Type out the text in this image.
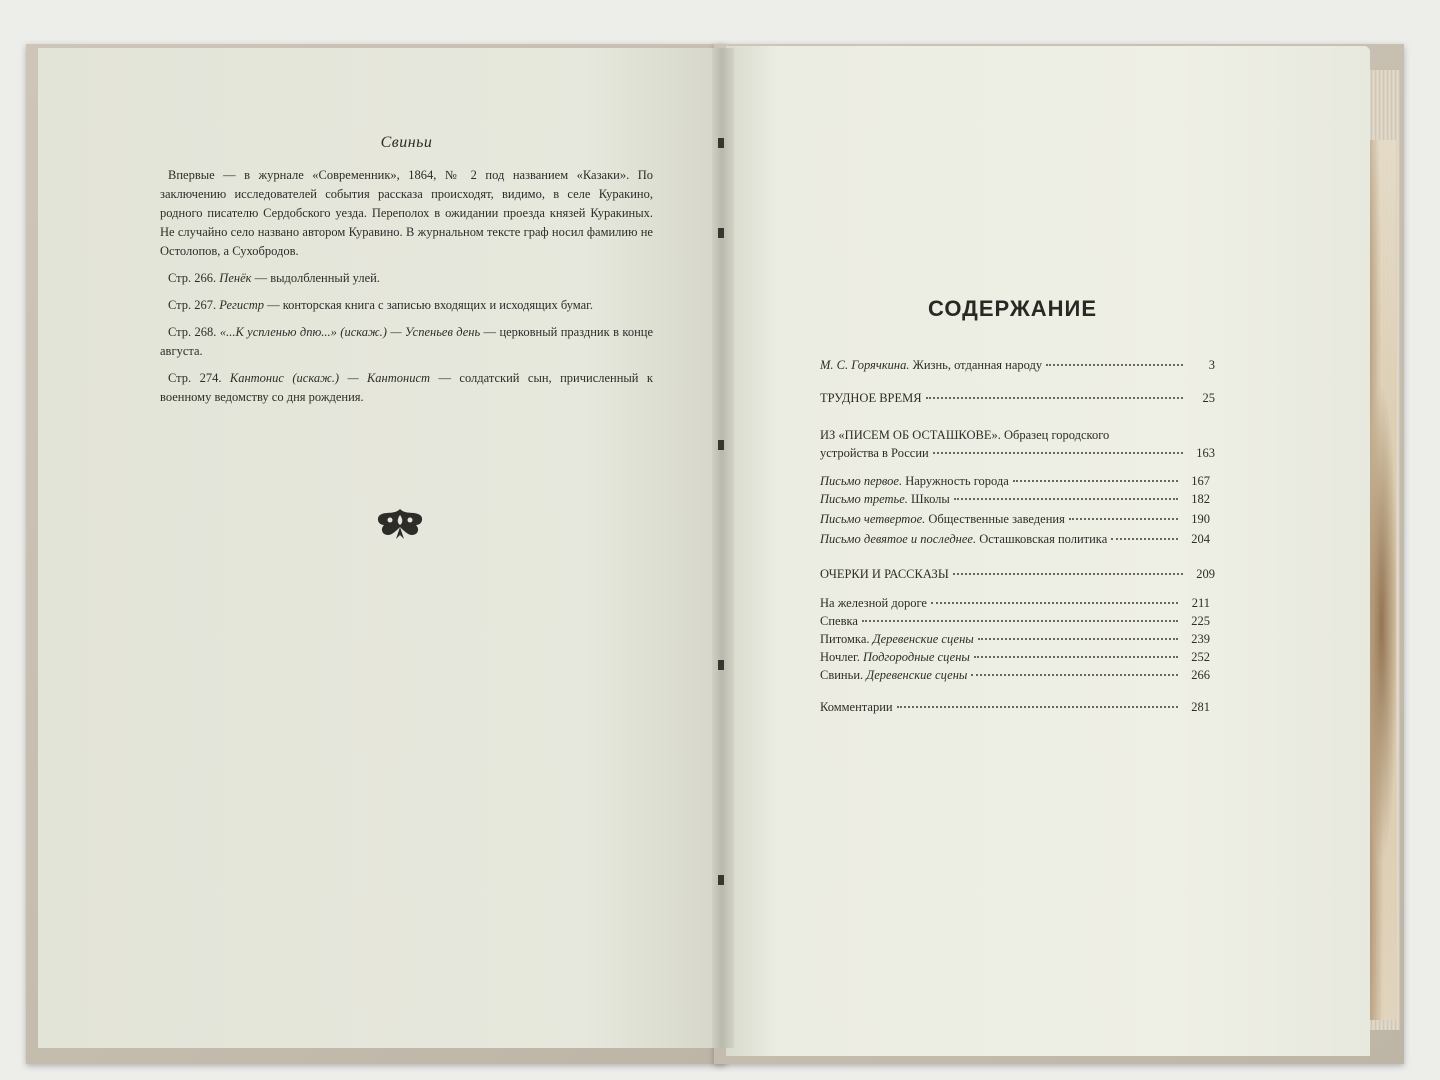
Свиньи

Впервые — в журнале «Современник», 1864, № 2 под названием «Казаки». По заключению исследователей события рассказа происходят, видимо, в селе Куракино, родного писателю Сердобского уезда. Переполох в ожидании проезда князей Куракиных. Не случайно село названо автором Куравино. В журнальном тексте граф носил фамилию не Остолопов, а Сухобродов.

Стр. 266. Пенёк — выдолбленный улей.

Стр. 267. Регистр — конторская книга с записью входящих и исходящих бумаг.

Стр. 268. «...К успленью дпю...» (искаж.) — Успеньев день — церковный праздник в конце августа.

Стр. 274. Кантонис (искаж.) — Кантонист — солдатский сын, причисленный к военному ведомству со дня рождения.

СОДЕРЖАНИЕ
М. С. Горячкина. Жизнь, отданная народу	3
ТРУДНОЕ ВРЕМЯ	25
ИЗ «ПИСЕМ ОБ ОСТАШКОВЕ». Образец городского
устройства в России	163
Письмо первое. Наружность города	167
Письмо третье. Школы	182
Письмо четвертое. Общественные заведения	190
Письмо девятое и последнее. Осташковская политика	204
ОЧЕРКИ И РАССКАЗЫ	209
На железной дороге	211
Спевка	225
Питомка. Деревенские сцены	239
Ночлег. Подгородные сцены	252
Свиньи. Деревенские сцены	266
Комментарии	281
